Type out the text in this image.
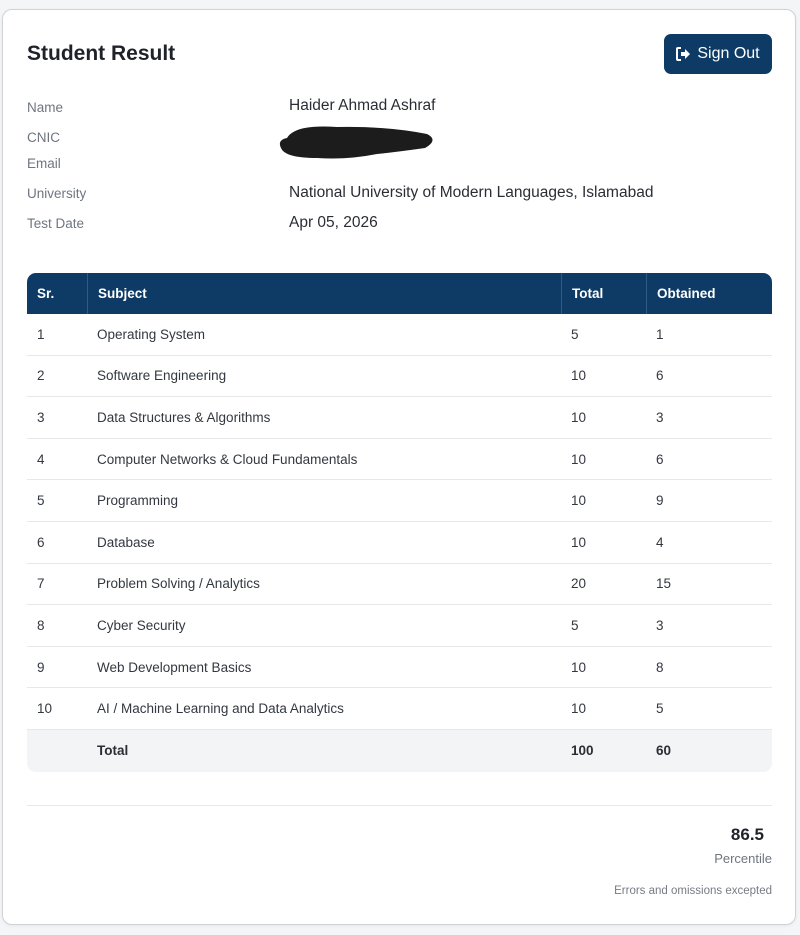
Student Result	Sign Out
Name	Haider Ahmad Ashraf
CNIC
Email
University	National University of Modern Languages, Islamabad
Test Date	Apr 05, 2026
Sr.	Subject	Total	Obtained
1	Operating System	5	1
2	Software Engineering	10	6
3	Data Structures & Algorithms	10	3
4	Computer Networks & Cloud Fundamentals	10	6
5	Programming	10	9
6	Database	10	4
7	Problem Solving / Analytics	20	15
8	Cyber Security	5	3
9	Web Development Basics	10	8
10	AI / Machine Learning and Data Analytics	10	5
	Total	100	60
86.5
Percentile
Errors and omissions excepted
